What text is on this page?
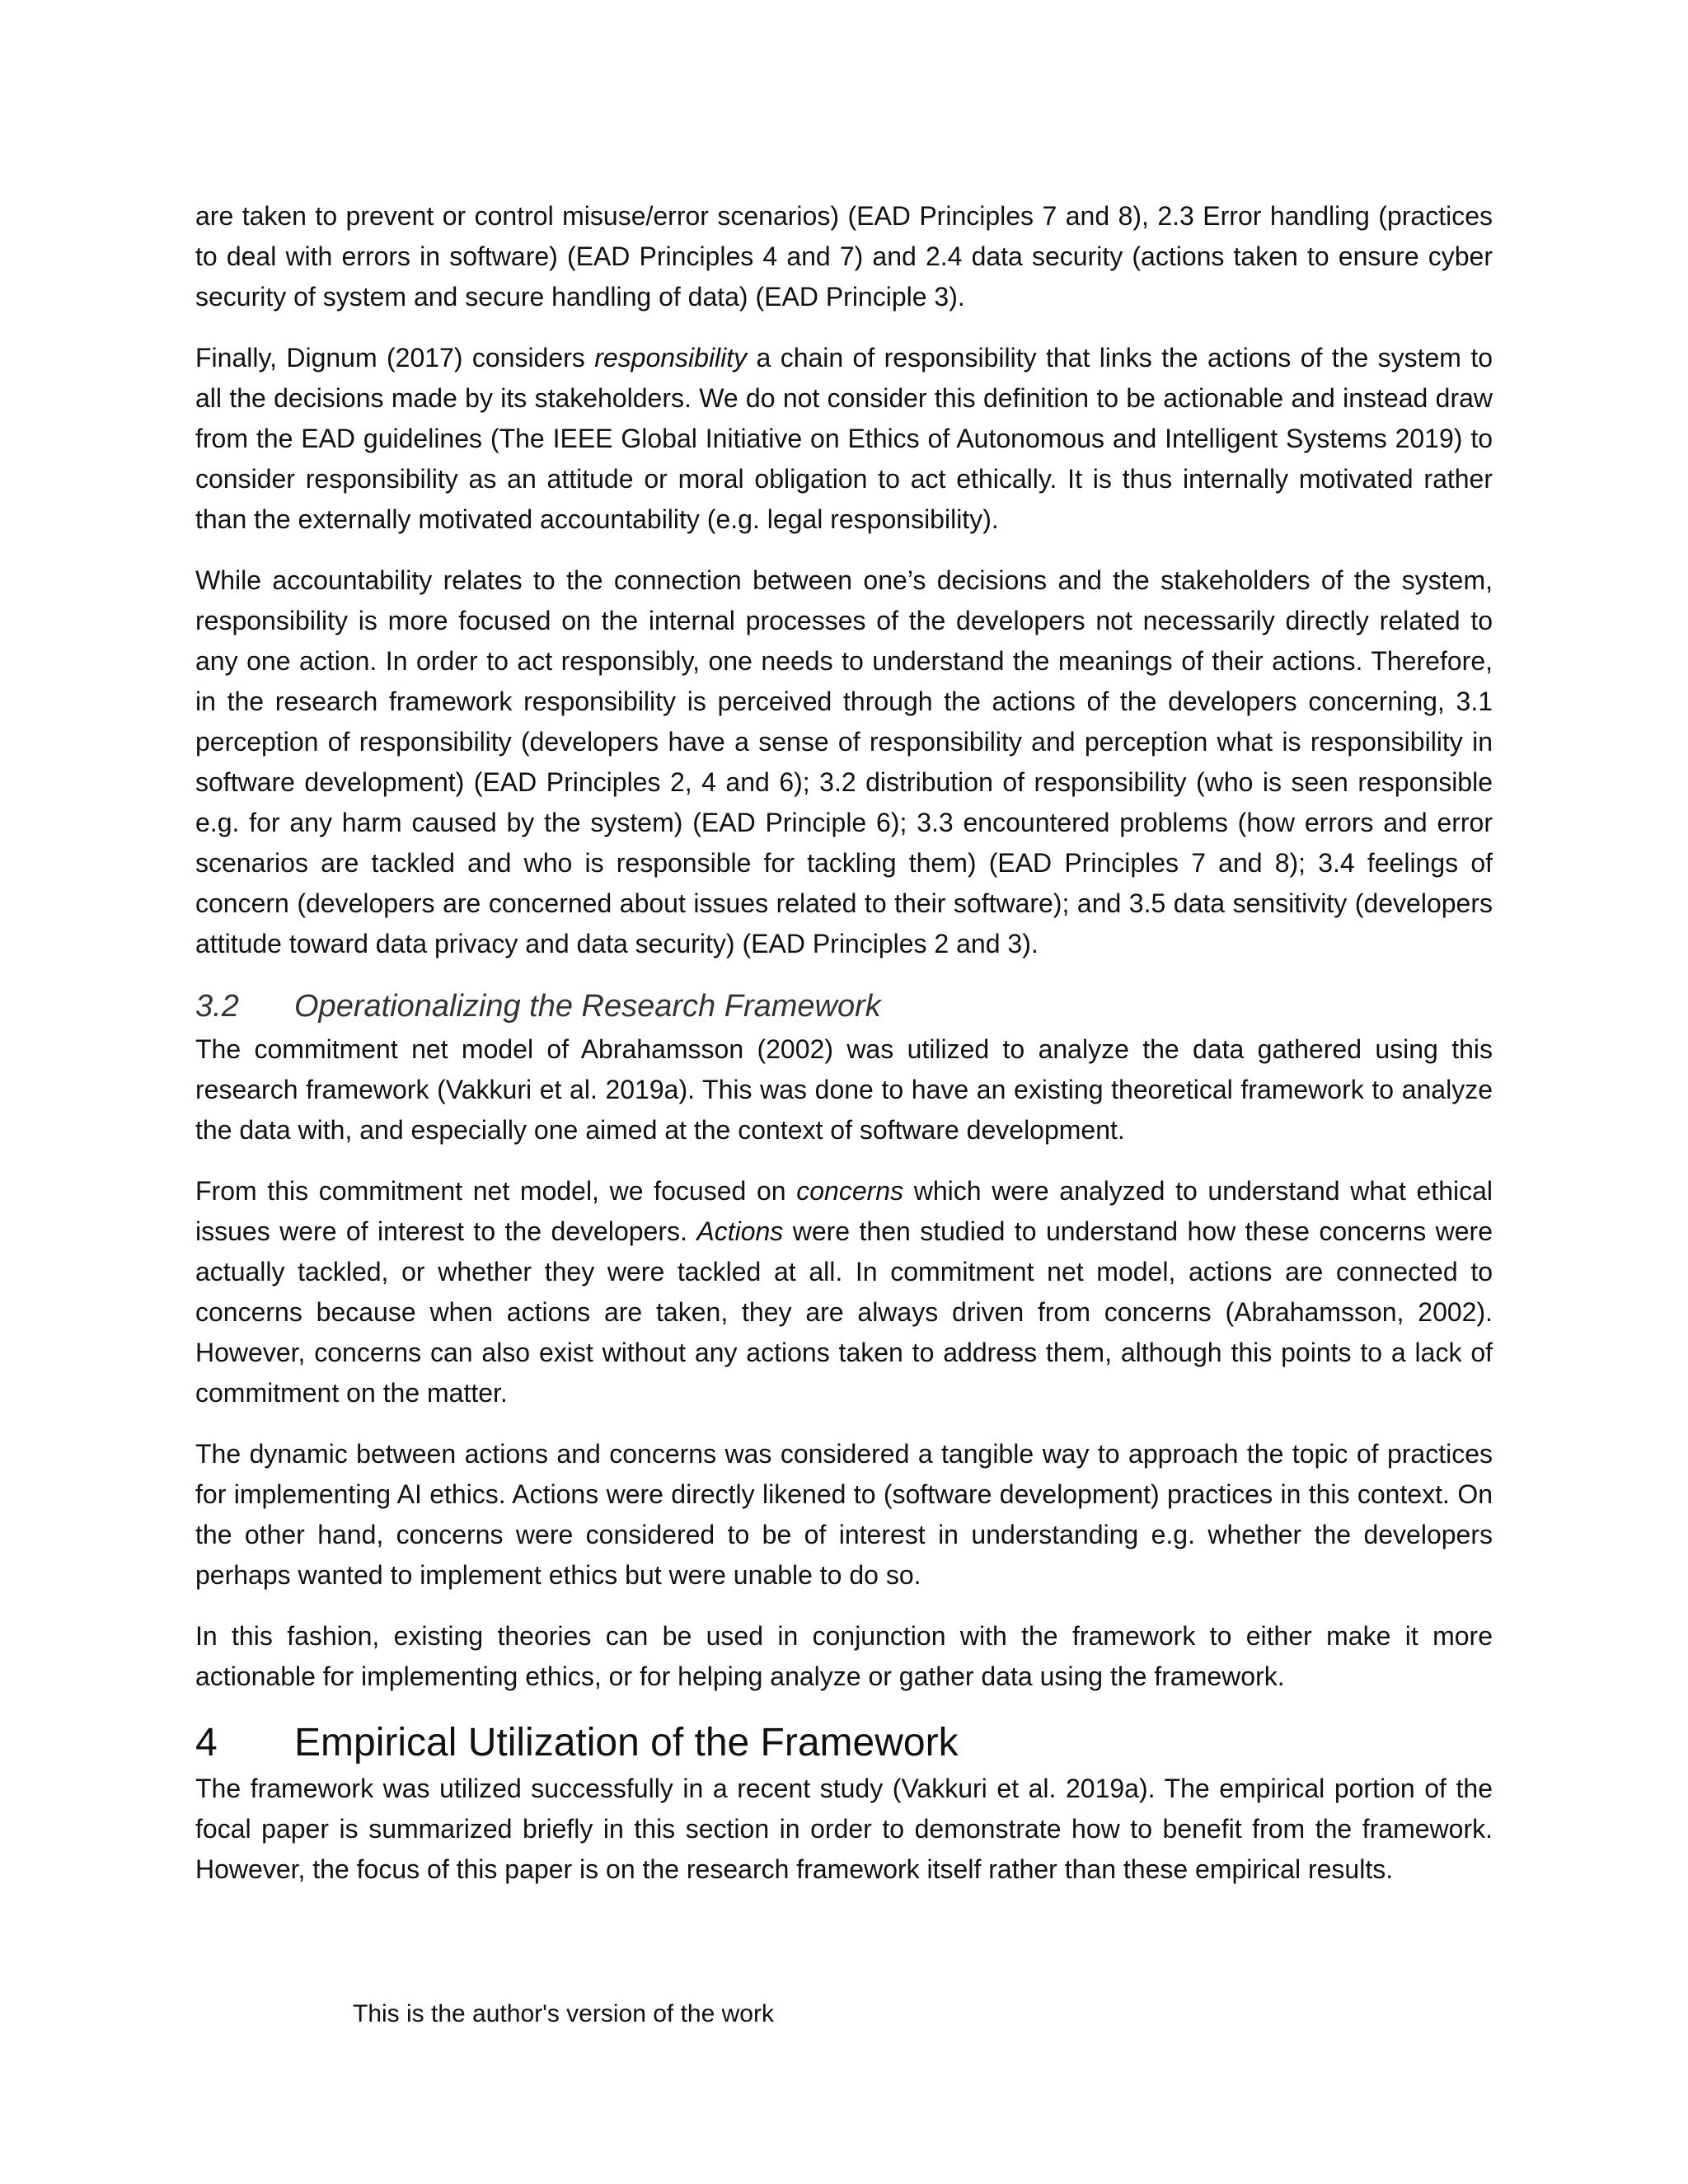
are taken to prevent or control misuse/error scenarios) (EAD Principles 7 and 8), 2.3 Error handling (practices to deal with errors in software) (EAD Principles 4 and 7) and 2.4 data security (actions taken to ensure cyber security of system and secure handling of data) (EAD Principle 3).

Finally, Dignum (2017) considers responsibility a chain of responsibility that links the actions of the system to all the decisions made by its stakeholders. We do not consider this definition to be actionable and instead draw from the EAD guidelines (The IEEE Global Initiative on Ethics of Autonomous and Intelligent Systems 2019) to consider responsibility as an attitude or moral obligation to act ethically. It is thus internally motivated rather than the externally motivated accountability (e.g. legal responsibility).

While accountability relates to the connection between one’s decisions and the stakeholders of the system, responsibility is more focused on the internal processes of the developers not necessarily directly related to any one action. In order to act responsibly, one needs to understand the meanings of their actions. Therefore, in the research framework responsibility is perceived through the actions of the developers concerning, 3.1 perception of responsibility (developers have a sense of responsibility and perception what is responsibility in software development) (EAD Principles 2, 4 and 6); 3.2 distribution of responsibility (who is seen responsible e.g. for any harm caused by the system) (EAD Principle 6); 3.3 encountered problems (how errors and error scenarios are tackled and who is responsible for tackling them) (EAD Principles 7 and 8); 3.4 feelings of concern (developers are concerned about issues related to their software); and 3.5 data sensitivity (developers attitude toward data privacy and data security) (EAD Principles 2 and 3).

3.2 Operationalizing the Research Framework

The commitment net model of Abrahamsson (2002) was utilized to analyze the data gathered using this research framework (Vakkuri et al. 2019a). This was done to have an existing theoretical framework to analyze the data with, and especially one aimed at the context of software development.

From this commitment net model, we focused on concerns which were analyzed to understand what ethical issues were of interest to the developers. Actions were then studied to understand how these concerns were actually tackled, or whether they were tackled at all. In commitment net model, actions are connected to concerns because when actions are taken, they are always driven from concerns (Abrahamsson, 2002). However, concerns can also exist without any actions taken to address them, although this points to a lack of commitment on the matter.

The dynamic between actions and concerns was considered a tangible way to approach the topic of practices for implementing AI ethics. Actions were directly likened to (software development) practices in this context. On the other hand, concerns were considered to be of interest in understanding e.g. whether the developers perhaps wanted to implement ethics but were unable to do so.

In this fashion, existing theories can be used in conjunction with the framework to either make it more actionable for implementing ethics, or for helping analyze or gather data using the framework.

4 Empirical Utilization of the Framework

The framework was utilized successfully in a recent study (Vakkuri et al. 2019a). The empirical portion of the focal paper is summarized briefly in this section in order to demonstrate how to benefit from the framework. However, the focus of this paper is on the research framework itself rather than these empirical results.

This is the author's version of the work
